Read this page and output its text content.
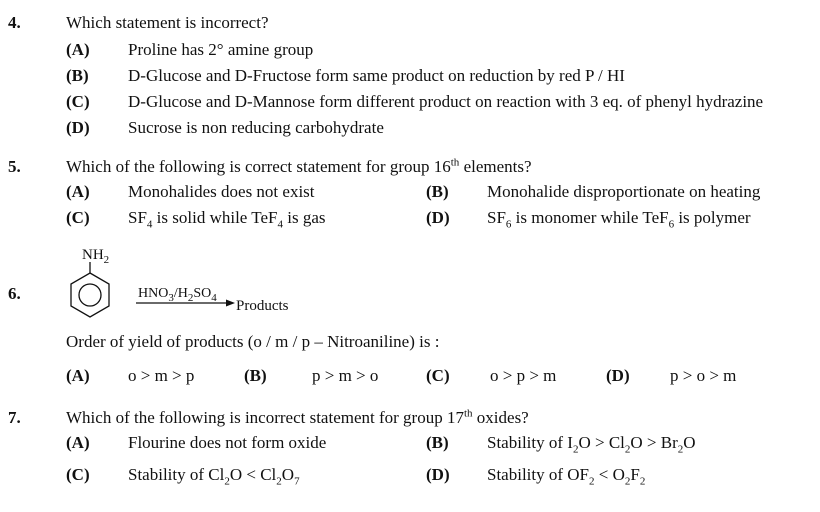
4.	Which statement is incorrect?
(A) Proline has 2° amine group
(B) D-Glucose and D-Fructose form same product on reduction by red P / HI
(C) D-Glucose and D-Mannose form different product on reaction with 3 eq. of phenyl hydrazine
(D) Sucrose is non reducing carbohydrate
5.	Which of the following is correct statement for group 16th elements?
(A) Monohalides does not exist	(B) Monohalide disproportionate on heating
(C) $SF_4$ is solid while TeF$_4$ is gas	(D) $SF_6$ is monomer while TeF$_6$ is polymer
6.
$NH_2$
$HNO_3/H_2SO_4$
Products
Order of yield of products (o / m / p – Nitroaniline) is :
(A) o > m > p	(B)	p > m > o	(C) o > p > m	(D) p > o > m
7.	Which of the following is incorrect statement for group 17th oxides?
(A) Flourine does not form oxide	(B) Stability of $I_2O > Cl_2O > Br_2O$
(C) Stability of $Cl_2O < Cl_2O_7$	(D) Stability of $OF_2 < O_2F_2$
